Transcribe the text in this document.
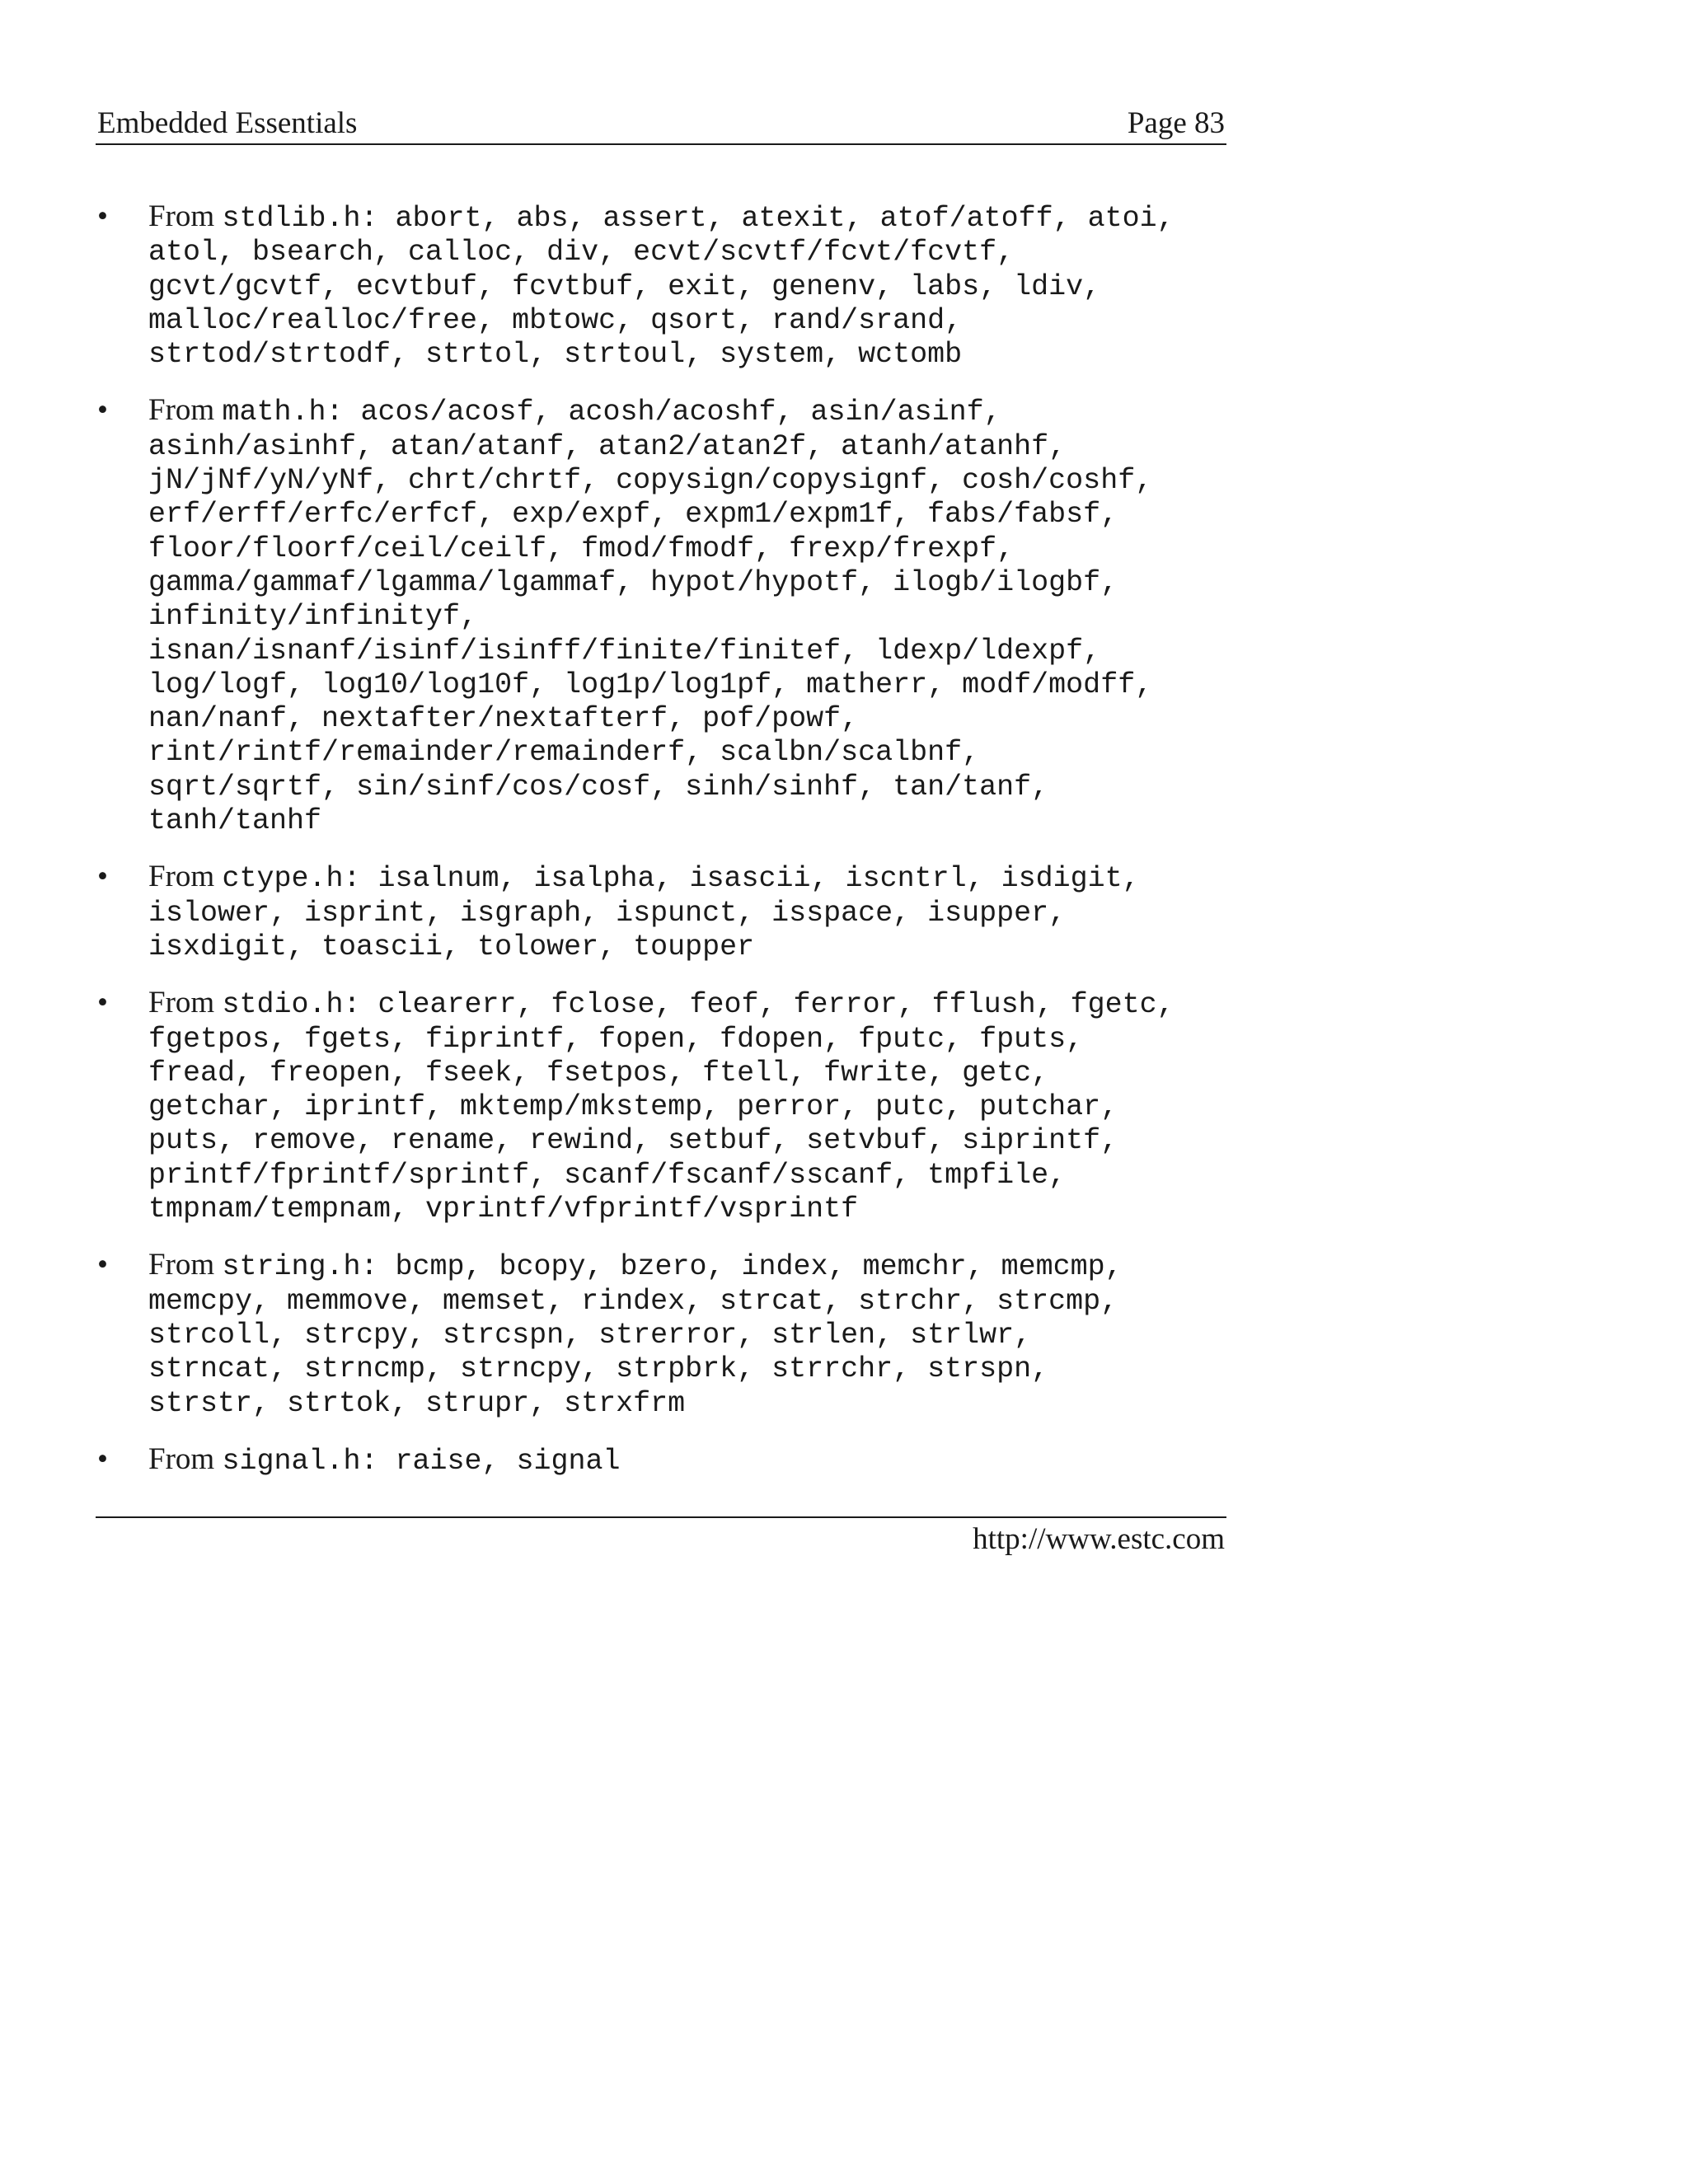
Embedded Essentials	Page 83
• From stdlib.h: abort, abs, assert, atexit, atof/atoff, atoi,
atol, bsearch, calloc, div, ecvt/scvtf/fcvt/fcvtf,
gcvt/gcvtf, ecvtbuf, fcvtbuf, exit, genenv, labs, ldiv,
malloc/realloc/free, mbtowc, qsort, rand/srand,
strtod/strtodf, strtol, strtoul, system, wctomb
• From math.h: acos/acosf, acosh/acoshf, asin/asinf,
asinh/asinhf, atan/atanf, atan2/atan2f, atanh/atanhf,
jN/jNf/yN/yNf, chrt/chrtf, copysign/copysignf, cosh/coshf,
erf/erff/erfc/erfcf, exp/expf, expm1/expm1f, fabs/fabsf,
floor/floorf/ceil/ceilf, fmod/fmodf, frexp/frexpf,
gamma/gammaf/lgamma/lgammaf, hypot/hypotf, ilogb/ilogbf,
infinity/infinityf,
isnan/isnanf/isinf/isinff/finite/finitef, ldexp/ldexpf,
log/logf, log10/log10f, log1p/log1pf, matherr, modf/modff,
nan/nanf, nextafter/nextafterf, pof/powf,
rint/rintf/remainder/remainderf, scalbn/scalbnf,
sqrt/sqrtf, sin/sinf/cos/cosf, sinh/sinhf, tan/tanf,
tanh/tanhf
• From ctype.h: isalnum, isalpha, isascii, iscntrl, isdigit,
islower, isprint, isgraph, ispunct, isspace, isupper,
isxdigit, toascii, tolower, toupper
• From stdio.h: clearerr, fclose, feof, ferror, fflush, fgetc,
fgetpos, fgets, fiprintf, fopen, fdopen, fputc, fputs,
fread, freopen, fseek, fsetpos, ftell, fwrite, getc,
getchar, iprintf, mktemp/mkstemp, perror, putc, putchar,
puts, remove, rename, rewind, setbuf, setvbuf, siprintf,
printf/fprintf/sprintf, scanf/fscanf/sscanf, tmpfile,
tmpnam/tempnam, vprintf/vfprintf/vsprintf
• From string.h: bcmp, bcopy, bzero, index, memchr, memcmp,
memcpy, memmove, memset, rindex, strcat, strchr, strcmp,
strcoll, strcpy, strcspn, strerror, strlen, strlwr,
strncat, strncmp, strncpy, strpbrk, strrchr, strspn,
strstr, strtok, strupr, strxfrm
• From signal.h: raise, signal
http://www.estc.com
